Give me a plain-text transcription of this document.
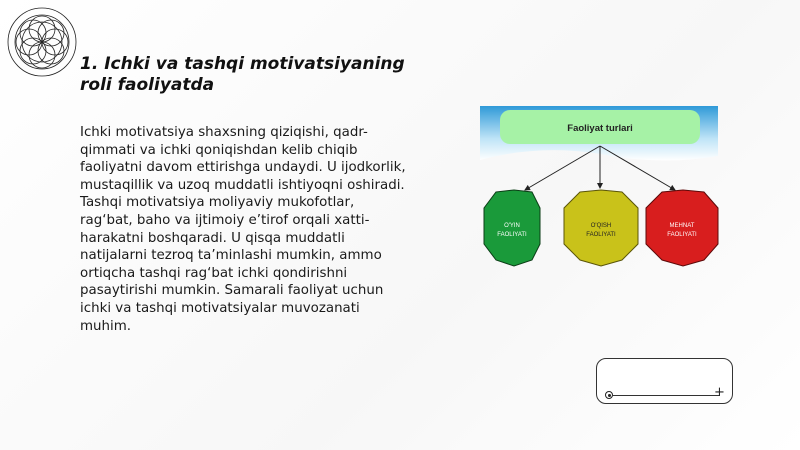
1. Ichki va tashqi motivatsiyaning roli faoliyatda
Ichki motivatsiya shaxsning qiziqishi, qadr-qimmati va ichki qoniqishdan kelib chiqib faoliyatni davom ettirishga undaydi. U ijodkorlik, mustaqillik va uzoq muddatli ishtiyoqni oshiradi. Tashqi motivatsiya moliyaviy mukofotlar, rag‘bat, baho va ijtimoiy e’tirof orqali xatti-harakatni boshqaradi. U qisqa muddatli natijalarni tezroq ta’minlashi mumkin, ammo ortiqcha tashqi rag‘bat ichki qondirishni pasaytirishi mumkin. Samarali faoliyat uchun ichki va tashqi motivatsiyalar muvozanati muhim.
Faoliyat turlari
O'YIN
FAOLIYATI
O'QISH
FAOLIYATI
MEHNAT
FAOLIYATI
+
